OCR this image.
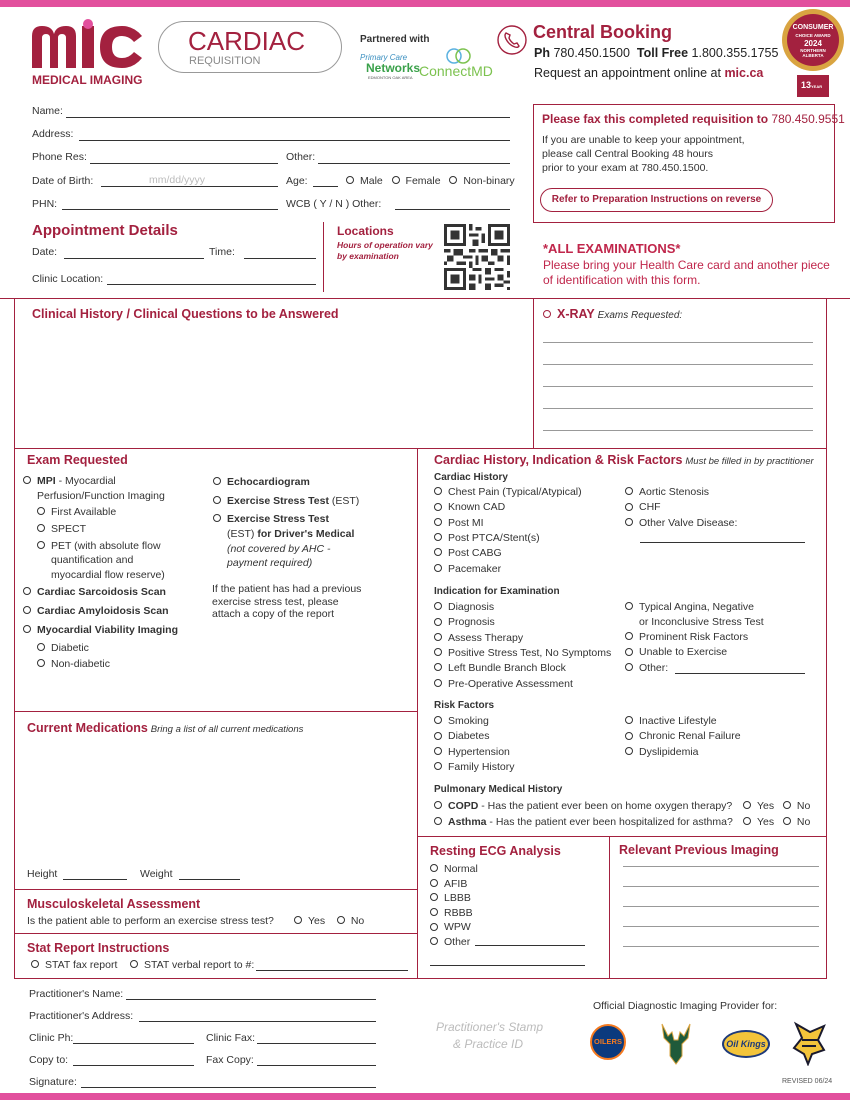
MEDICAL IMAGING
CARDIAC
REQUISITION
Partnered with
Primary Care
Networks
EDMONTON OAK AREA ConnectMD
Central Booking
Ph 780.450.1500 Toll Free 1.800.355.1755
Request an appointment online at mic.ca
CONSUMER
CHOICE AWARD
2024
NORTHERN
ALBERTA
13YEAR
Name:
Address:
Phone Res:	Other:
Date of Birth:	mm/dd/yyyy	Age:	Male Female Non-binary
PHN:	WCB ( Y / N ) Other:
Please fax this completed requisition to 780.450.9551
If you are unable to keep your appointment,
please call Central Booking 48 hours
prior to your exam at 780.450.1500.
Refer to Preparation Instructions on reverse
Appointment Details
Date:	Time:
Clinic Location:
Locations
Hours of operation vary
by examination	*ALL EXAMINATIONS*
Please bring your Health Care card and another piece
of identification with this form.
Clinical History / Clinical Questions to be Answered	X-RAY Exams Requested:
Exam Requested
MPI - Myocardial
Perfusion/Function Imaging
First Available
SPECT
PET (with absolute flow
quantification and
myocardial flow reserve)
Cardiac Sarcoidosis Scan
Cardiac Amyloidosis Scan
Myocardial Viability Imaging
Diabetic
Non-diabetic
Echocardiogram
Exercise Stress Test (EST)
Exercise Stress Test
(EST) for Driver's Medical
(not covered by AHC -
payment required)
If the patient has had a previous
exercise stress test, please
attach a copy of the report
Cardiac History, Indication & Risk Factors Must be filled in by practitioner
Cardiac History
Chest Pain (Typical/Atypical)
Known CAD
Post MI
Post PTCA/Stent(s)
Post CABG
Pacemaker
Aortic Stenosis
CHF
Other Valve Disease:
Indication for Examination
Diagnosis
Prognosis
Assess Therapy
Positive Stress Test, No Symptoms
Left Bundle Branch Block
Pre-Operative Assessment
Typical Angina, Negative
or Inconclusive Stress Test
Prominent Risk Factors
Unable to Exercise
Other:
Risk Factors
Smoking
Diabetes
Hypertension
Family History
Inactive Lifestyle
Chronic Renal Failure
Dyslipidemia
Pulmonary Medical History
COPD - Has the patient ever been on home oxygen therapy?	Yes No
Asthma - Has the patient ever been hospitalized for asthma?	Yes No
Current Medications Bring a list of all current medications
Height	Weight
Musculoskeletal Assessment
Is the patient able to perform an exercise stress test?	Yes No
Stat Report Instructions
STAT fax report	STAT verbal report to #:
Resting ECG Analysis
Normal
AFIB
LBBB
RBBB
WPW
Other
Relevant Previous Imaging
Practitioner's Name:
Practitioner's Address:
Clinic Ph:	Clinic Fax:
Copy to:	Fax Copy:
Signature:
Practitioner's Stamp
& Practice ID
Official Diagnostic Imaging Provider for:
OILERS	Oil Kings
REVISED 06/24
